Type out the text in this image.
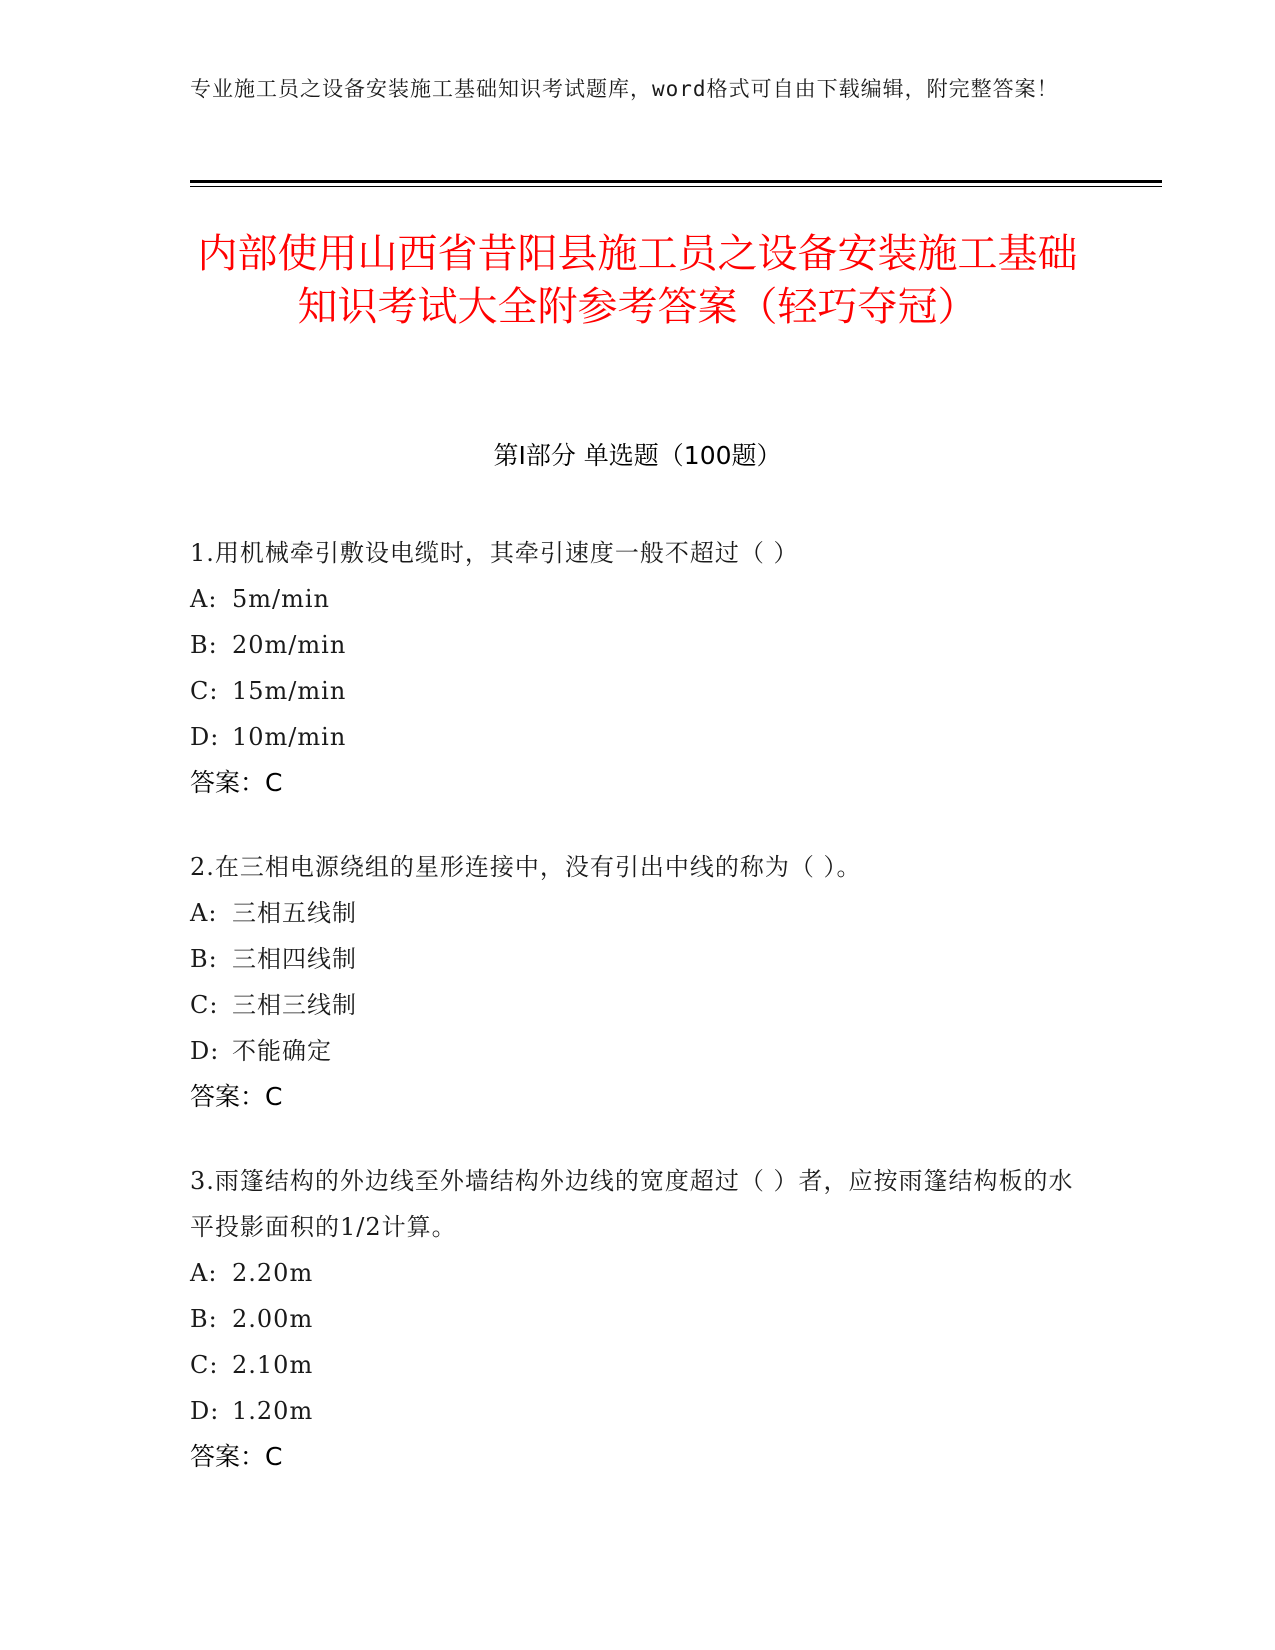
专业施工员之设备安装施工基础知识考试题库，word格式可自由下载编辑，附完整答案！
内部使用山西省昔阳县施工员之设备安装施工基础知识考试大全附参考答案（轻巧夺冠）
第Ⅰ部分 单选题（100题）
1.用机械牵引敷设电缆时，其牵引速度一般不超过（ ）
A: 5m/min
B: 20m/min
C: 15m/min
D: 10m/min
答案：C
2.在三相电源绕组的星形连接中，没有引出中线的称为（ ）。
A: 三相五线制
B: 三相四线制
C: 三相三线制
D: 不能确定
答案：C
3.雨篷结构的外边线至外墙结构外边线的宽度超过（ ）者，应按雨篷结构板的水平投影面积的1/2计算。
A: 2.20m
B: 2.00m
C: 2.10m
D: 1.20m
答案：C
